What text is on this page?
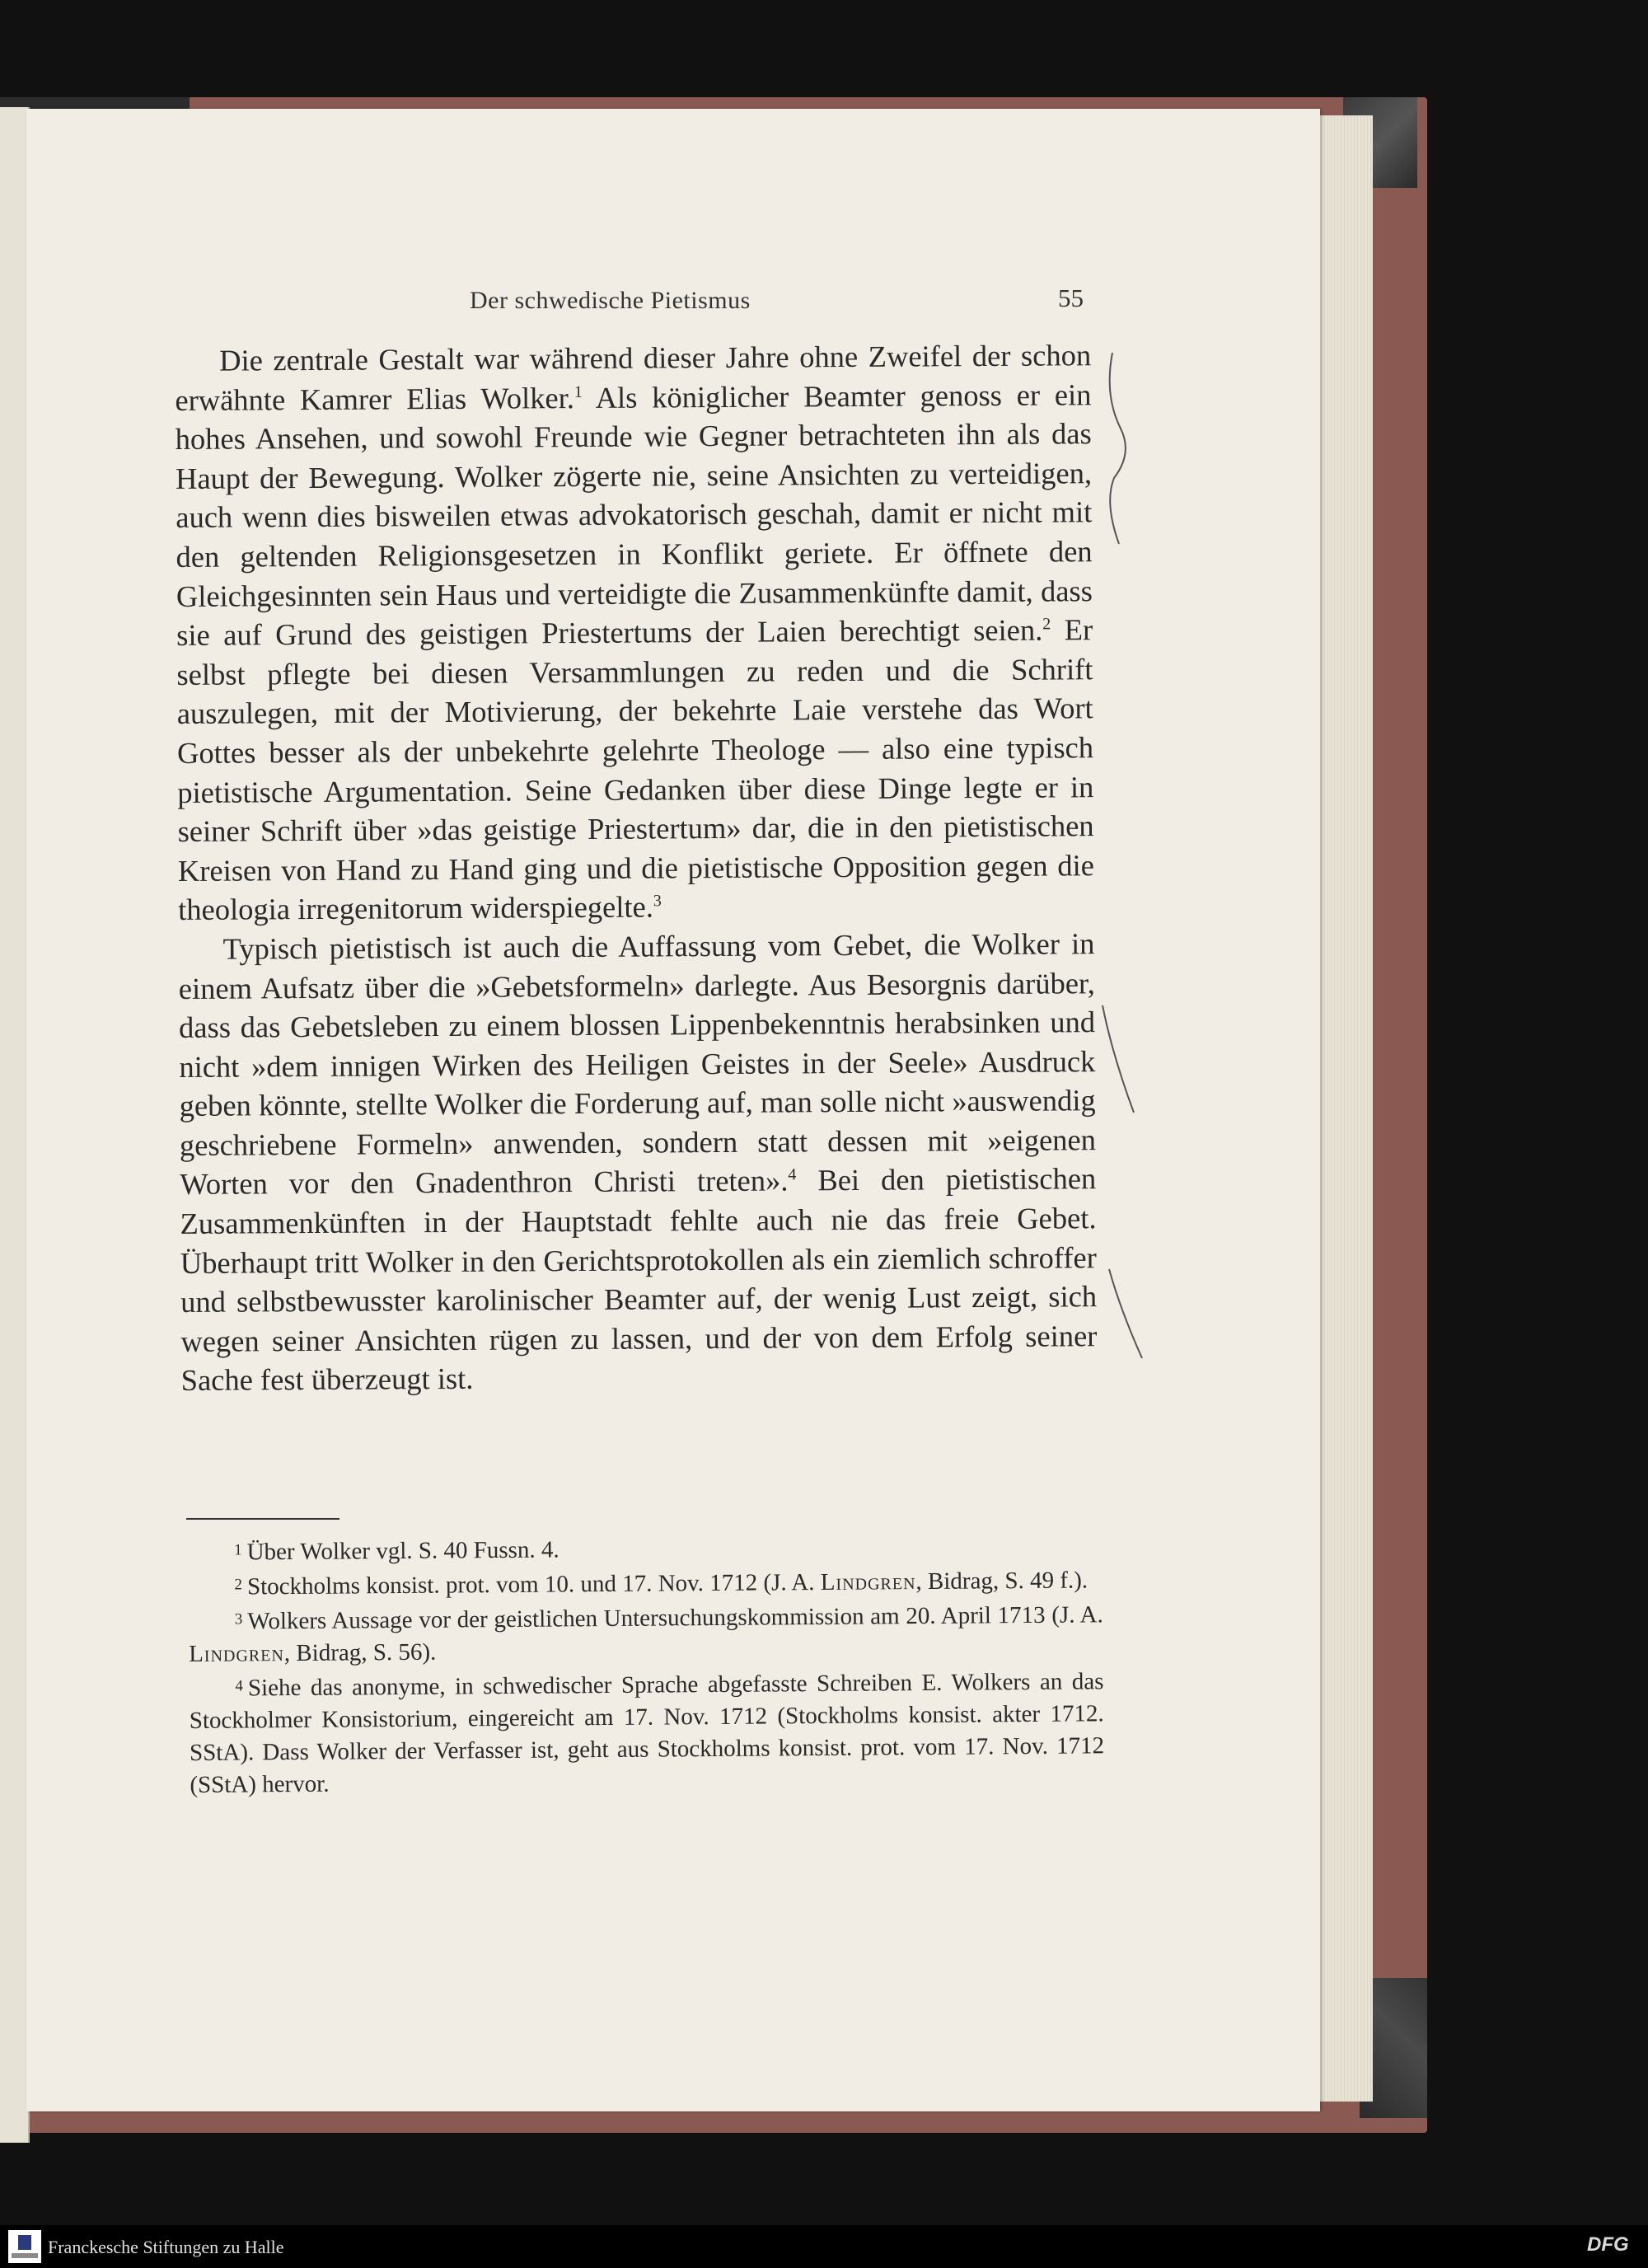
Der schwedische Pietismus	55

Die zentrale Gestalt war während dieser Jahre ohne Zweifel der schon erwähnte Kamrer Elias Wolker.$^1$ Als königlicher Beamter genoss er ein hohes Ansehen, und sowohl Freunde wie Gegner betrachteten ihn als das Haupt der Bewegung. Wolker zögerte nie, seine Ansichten zu verteidigen, auch wenn dies bisweilen etwas advokatorisch geschah, damit er nicht mit den geltenden Religionsgesetzen in Konflikt geriete. Er öffnete den Gleichgesinnten sein Haus und verteidigte die Zusammenkünfte damit, dass sie auf Grund des geistigen Priestertums der Laien berechtigt seien.$^2$ Er selbst pflegte bei diesen Versammlungen zu reden und die Schrift auszulegen, mit der Motivierung, der bekehrte Laie verstehe das Wort Gottes besser als der unbekehrte gelehrte Theologe — also eine typisch pietistische Argumentation. Seine Gedanken über diese Dinge legte er in seiner Schrift über »das geistige Priestertum» dar, die in den pietistischen Kreisen von Hand zu Hand ging und die pietistische Opposition gegen die theologia irregenitorum widerspiegelte.$^3$

Typisch pietistisch ist auch die Auffassung vom Gebet, die Wolker in einem Aufsatz über die »Gebetsformeln» darlegte. Aus Besorgnis darüber, dass das Gebetsleben zu einem blossen Lippenbekenntnis herabsinken und nicht »dem innigen Wirken des Heiligen Geistes in der Seele» Ausdruck geben könnte, stellte Wolker die Forderung auf, man solle nicht »auswendig geschriebene Formeln» anwenden, sondern statt dessen mit »eigenen Worten vor den Gnadenthron Christi treten».$^4$ Bei den pietistischen Zusammenkünften in der Hauptstadt fehlte auch nie das freie Gebet. Überhaupt tritt Wolker in den Gerichtsprotokollen als ein ziemlich schroffer und selbstbewusster karolinischer Beamter auf, der wenig Lust zeigt, sich wegen seiner Ansichten rügen zu lassen, und der von dem Erfolg seiner Sache fest überzeugt ist.

$^1$ Über Wolker vgl. S. 40 Fussn. 4.

$^2$ Stockholms konsist. prot. vom 10. und 17. Nov. 1712 (J. A. Lindgren, Bidrag, S. 49 f.).

$^3$ Wolkers Aussage vor der geistlichen Untersuchungskommission am 20. April 1713 (J. A. Lindgren, Bidrag, S. 56).

$^4$ Siehe das anonyme, in schwedischer Sprache abgefasste Schreiben E. Wolkers an das Stockholmer Konsistorium, eingereicht am 17. Nov. 1712 (Stockholms konsist. akter 1712. SStA). Dass Wolker der Verfasser ist, geht aus Stockholms konsist. prot. vom 17. Nov. 1712 (SStA) hervor.

Franckesche Stiftungen zu Halle	DFG
